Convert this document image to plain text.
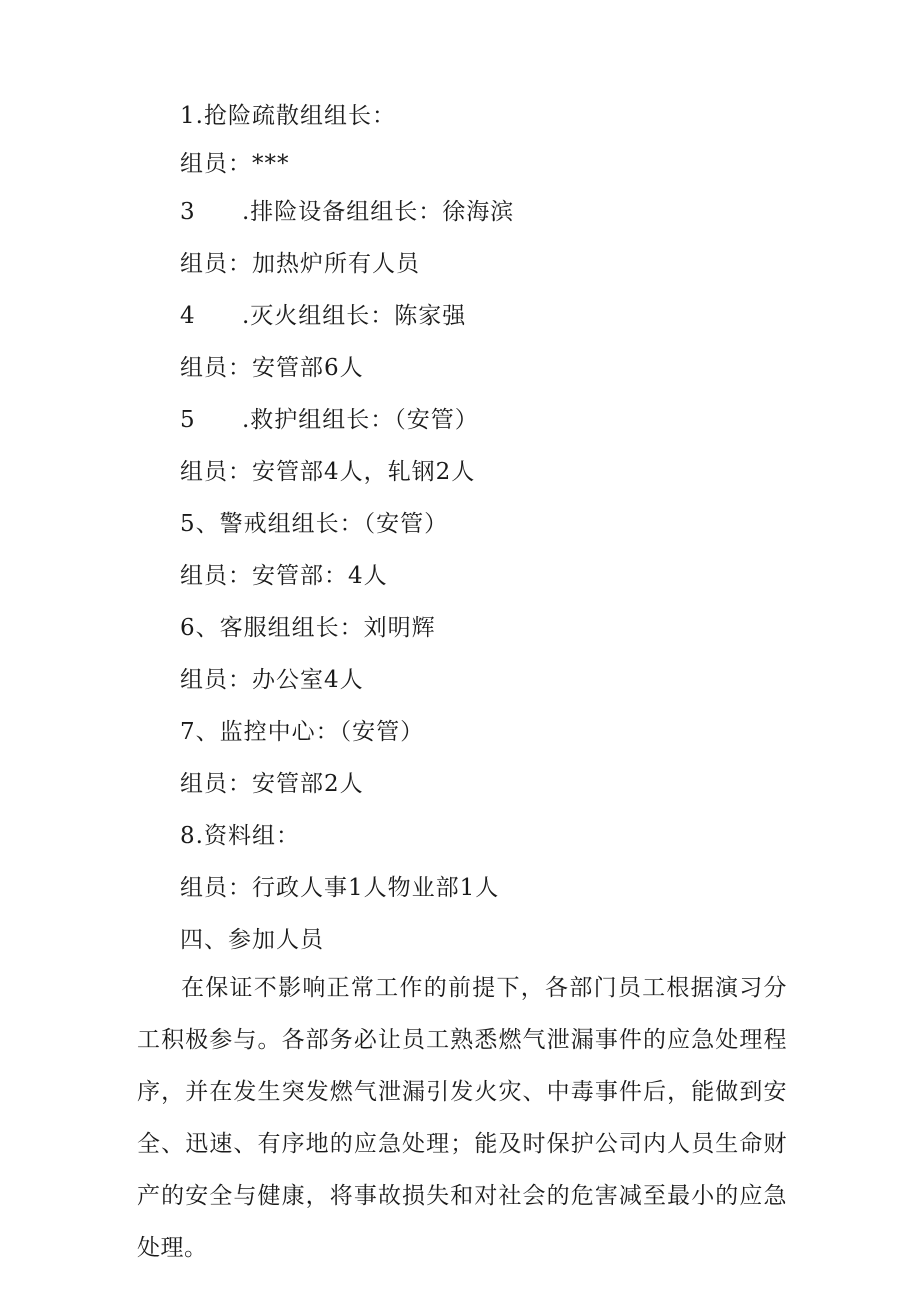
1.抢险疏散组组长：
组员：***
3 .排险设备组组长：徐海滨
组员：加热炉所有人员
4 .灭火组组长：陈家强
组员：安管部6人
5 .救护组组长：（安管）
组员：安管部4人，轧钢2人
5、警戒组组长：（安管）
组员：安管部：4人
6、客服组组长：刘明辉
组员：办公室4人
7、监控中心：（安管）
组员：安管部2人
8.资料组：
组员：行政人事1人物业部1人
四、参加人员
在保证不影响正常工作的前提下，各部门员工根据演习分工积极参与。各部务必让员工熟悉燃气泄漏事件的应急处理程序，并在发生突发燃气泄漏引发火灾、中毒事件后，能做到安全、迅速、有序地的应急处理；能及时保护公司内人员生命财产的安全与健康，将事故损失和对社会的危害减至最小的应急处理。
